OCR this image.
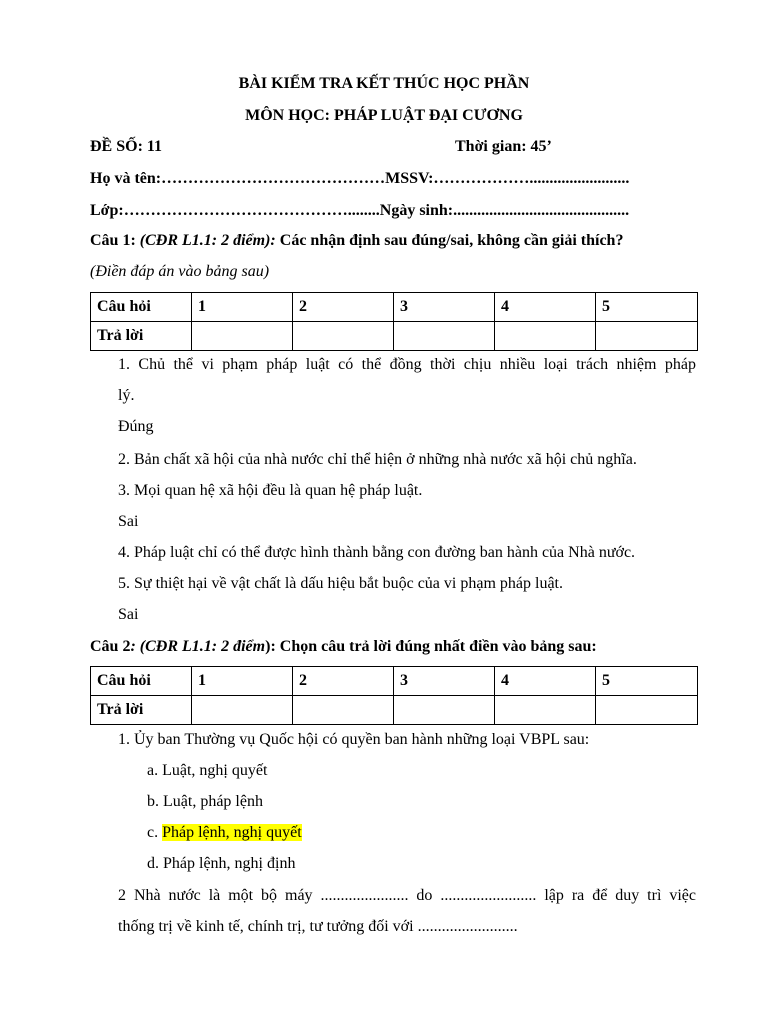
BÀI KIỂM TRA KẾT THÚC HỌC PHẦN
MÔN HỌC: PHÁP LUẬT ĐẠI CƯƠNG
ĐỀ SỐ: 11	Thời gian: 45’
Họ và tên:……………………………………MSSV:……………….........................
Lớp:……………………………………........Ngày sinh:............................................
Câu 1: (CĐR L1.1: 2 điểm): Các nhận định sau đúng/sai, không cần giải thích?
(Điền đáp án vào bảng sau)
Câu hỏi	1	2	3	4	5
Trả lời					
1. Chủ thể vi phạm pháp luật có thể đồng thời chịu nhiều loại trách nhiệm pháp
lý.
Đúng
2. Bản chất xã hội của nhà nước chỉ thể hiện ở những nhà nước xã hội chủ nghĩa.
3. Mọi quan hệ xã hội đều là quan hệ pháp luật.
Sai
4. Pháp luật chỉ có thể được hình thành bằng con đường ban hành của Nhà nước.
5. Sự thiệt hại về vật chất là dấu hiệu bắt buộc của vi phạm pháp luật.
Sai
Câu 2: (CĐR L1.1: 2 điểm): Chọn câu trả lời đúng nhất điền vào bảng sau:
Câu hỏi	1	2	3	4	5
Trả lời					
1. Ủy ban Thường vụ Quốc hội có quyền ban hành những loại VBPL sau:
a. Luật, nghị quyết
b. Luật, pháp lệnh
c. Pháp lệnh, nghị quyết
d. Pháp lệnh, nghị định
2 Nhà nước là một bộ máy ...................... do ........................ lập ra để duy trì việc
thống trị về kinh tế, chính trị, tư tưởng đối với .........................
